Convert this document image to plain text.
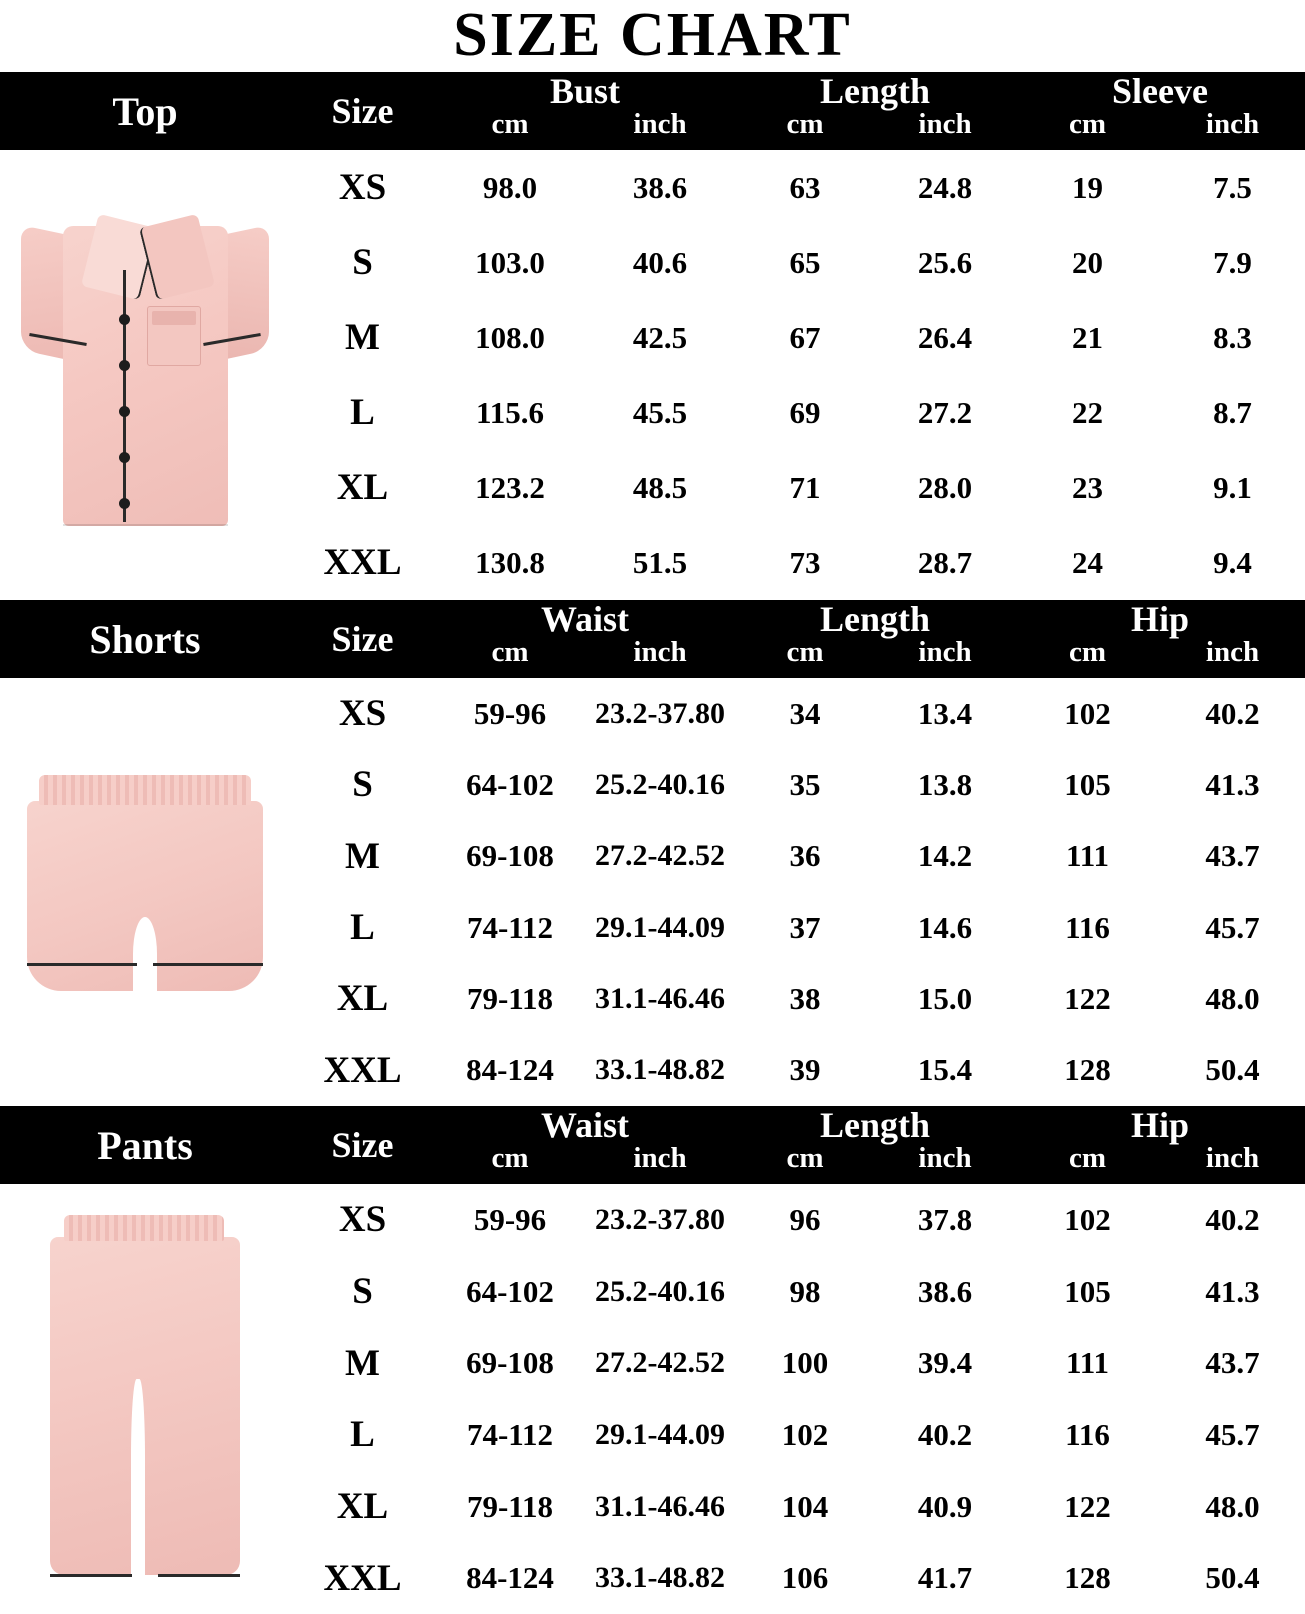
SIZE CHART
Top	Size	Bust
cm	inch
Length
cm	inch
Sleeve
cm	inch
XS	98.0	38.6	63	24.8	19	7.5
S	103.0	40.6	65	25.6	20	7.9
M	108.0	42.5	67	26.4	21	8.3
L	115.6	45.5	69	27.2	22	8.7
XL	123.2	48.5	71	28.0	23	9.1
XXL	130.8	51.5	73	28.7	24	9.4
Shorts	Size	Waist
cm	inch
Length
cm	inch
Hip
cm	inch
XS	59-96	23.2-37.80	34	13.4	102	40.2
S	64-102	25.2-40.16	35	13.8	105	41.3
M	69-108	27.2-42.52	36	14.2	111	43.7
L	74-112	29.1-44.09	37	14.6	116	45.7
XL	79-118	31.1-46.46	38	15.0	122	48.0
XXL	84-124	33.1-48.82	39	15.4	128	50.4
Pants	Size	Waist
cm	inch
Length
cm	inch
Hip
cm	inch
XS	59-96	23.2-37.80	96	37.8	102	40.2
S	64-102	25.2-40.16	98	38.6	105	41.3
M	69-108	27.2-42.52	100	39.4	111	43.7
L	74-112	29.1-44.09	102	40.2	116	45.7
XL	79-118	31.1-46.46	104	40.9	122	48.0
XXL	84-124	33.1-48.82	106	41.7	128	50.4
